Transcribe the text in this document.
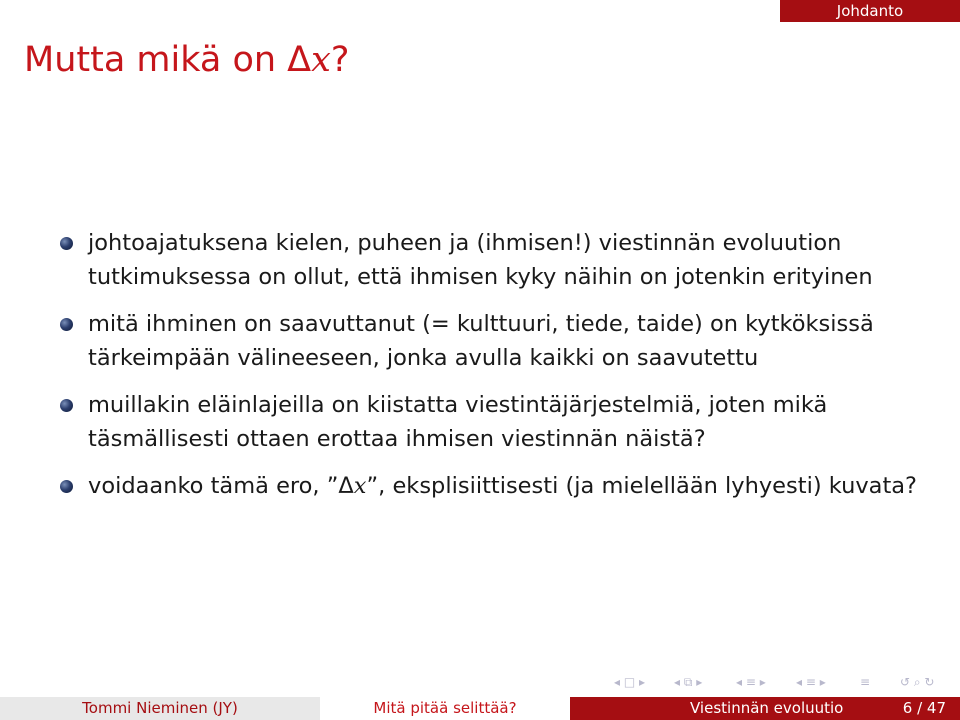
Johdanto
Mutta mikä on Δx?
johtoajatuksena kielen, puheen ja (ihmisen!) viestinnän evoluution tutkimuksessa on ollut, että ihmisen kyky näihin on jotenkin erityinen
mitä ihminen on saavuttanut (= kulttuuri, tiede, taide) on kytköksissä tärkeimpään välineeseen, jonka avulla kaikki on saavutettu
muillakin eläinlajeilla on kiistatta viestintäjärjestelmiä, joten mikä täsmällisesti ottaen erottaa ihmisen viestinnän näistä?
voidaanko tämä ero, ”Δx”, eksplisiittisesti (ja mielellään lyhyesti) kuvata?
◂ □ ▸ ◂ ⧉ ▸	◂ ≡ ▸	◂ ≡ ▸	≡ ↺ ⌕ ↻
Tommi Nieminen (JY)	Mitä pitää selittää?	Viestinnän evoluutio	6 / 47
